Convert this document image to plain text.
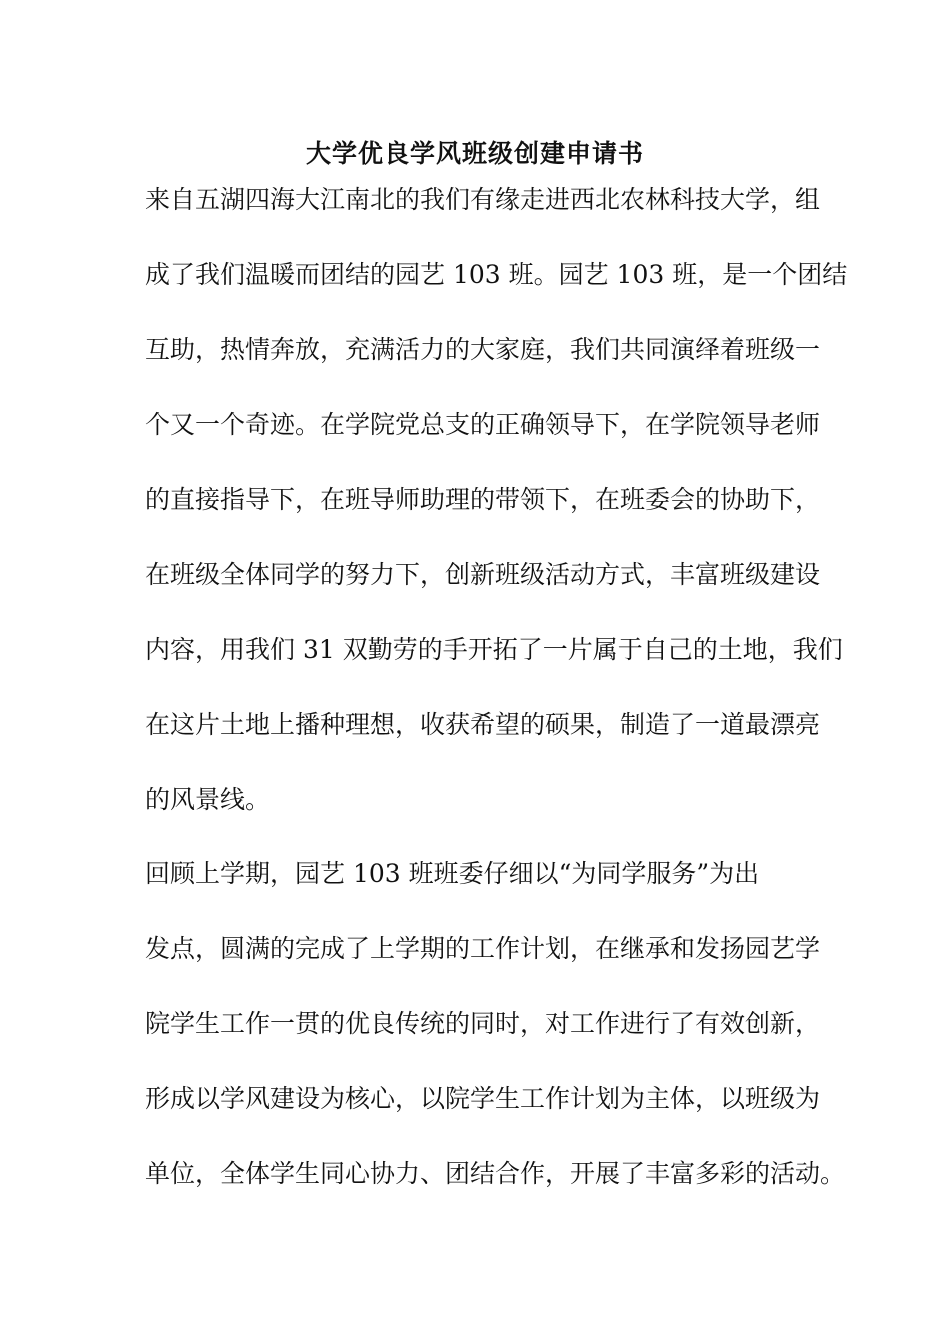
大学优良学风班级创建申请书
来自五湖四海大江南北的我们有缘走进西北农林科技大学，组
成了我们温暖而团结的园艺 103 班。园艺 103 班，是一个团结
互助，热情奔放，充满活力的大家庭，我们共同演绎着班级一
个又一个奇迹。在学院党总支的正确领导下，在学院领导老师
的直接指导下，在班导师助理的带领下，在班委会的协助下，
在班级全体同学的努力下，创新班级活动方式，丰富班级建设
内容，用我们 31 双勤劳的手开拓了一片属于自己的土地，我们
在这片土地上播种理想，收获希望的硕果，制造了一道最漂亮
的风景线。
回顾上学期，园艺 103 班班委仔细以“为同学服务”为出
发点，圆满的完成了上学期的工作计划，在继承和发扬园艺学
院学生工作一贯的优良传统的同时，对工作进行了有效创新，
形成以学风建设为核心，以院学生工作计划为主体，以班级为
单位，全体学生同心协力、团结合作，开展了丰富多彩的活动。
